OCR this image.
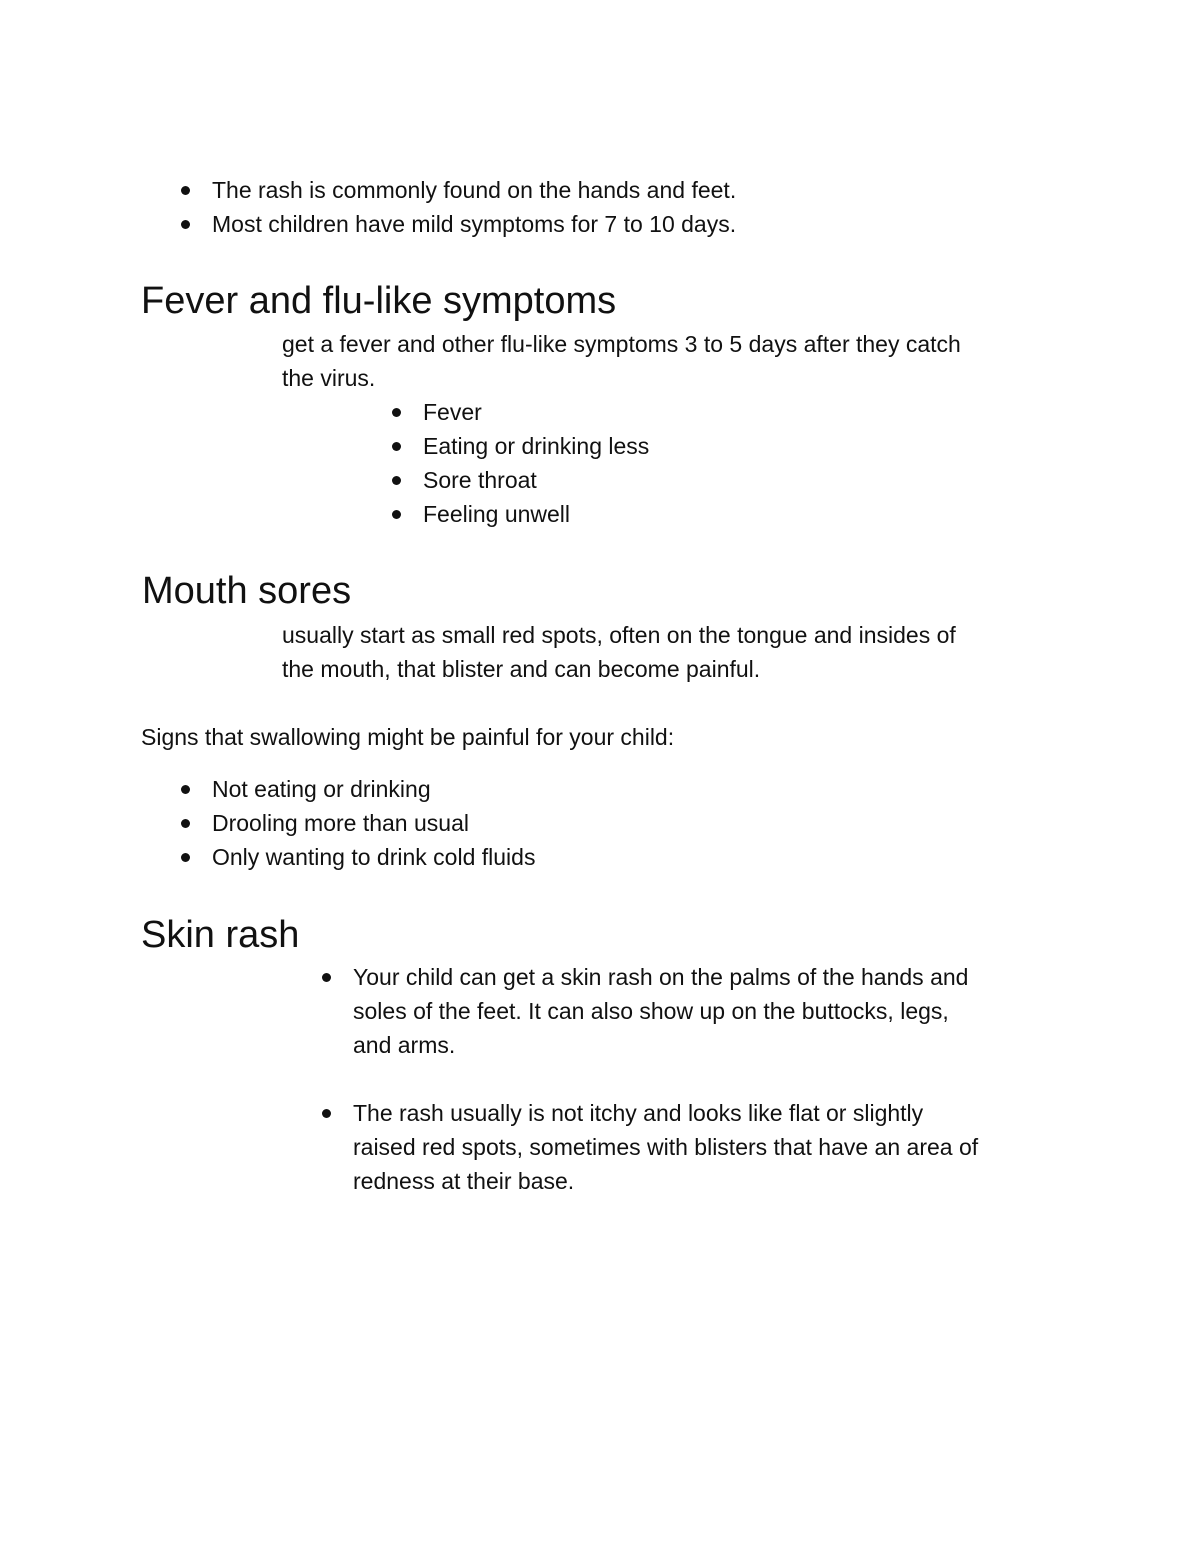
The rash is commonly found on the hands and feet.
Most children have mild symptoms for 7 to 10 days.
Fever and flu-like symptoms

get a fever and other flu-like symptoms 3 to 5 days after they catch

the virus.

Fever
Eating or drinking less
Sore throat
Feeling unwell
Mouth sores

usually start as small red spots, often on the tongue and insides of

the mouth, that blister and can become painful.

Signs that swallowing might be painful for your child:

Not eating or drinking
Drooling more than usual
Only wanting to drink cold fluids
Skin rash
Your child can get a skin rash on the palms of the hands and
soles of the feet. It can also show up on the buttocks, legs,
and arms.
The rash usually is not itchy and looks like flat or slightly
raised red spots, sometimes with blisters that have an area of
redness at their base.
